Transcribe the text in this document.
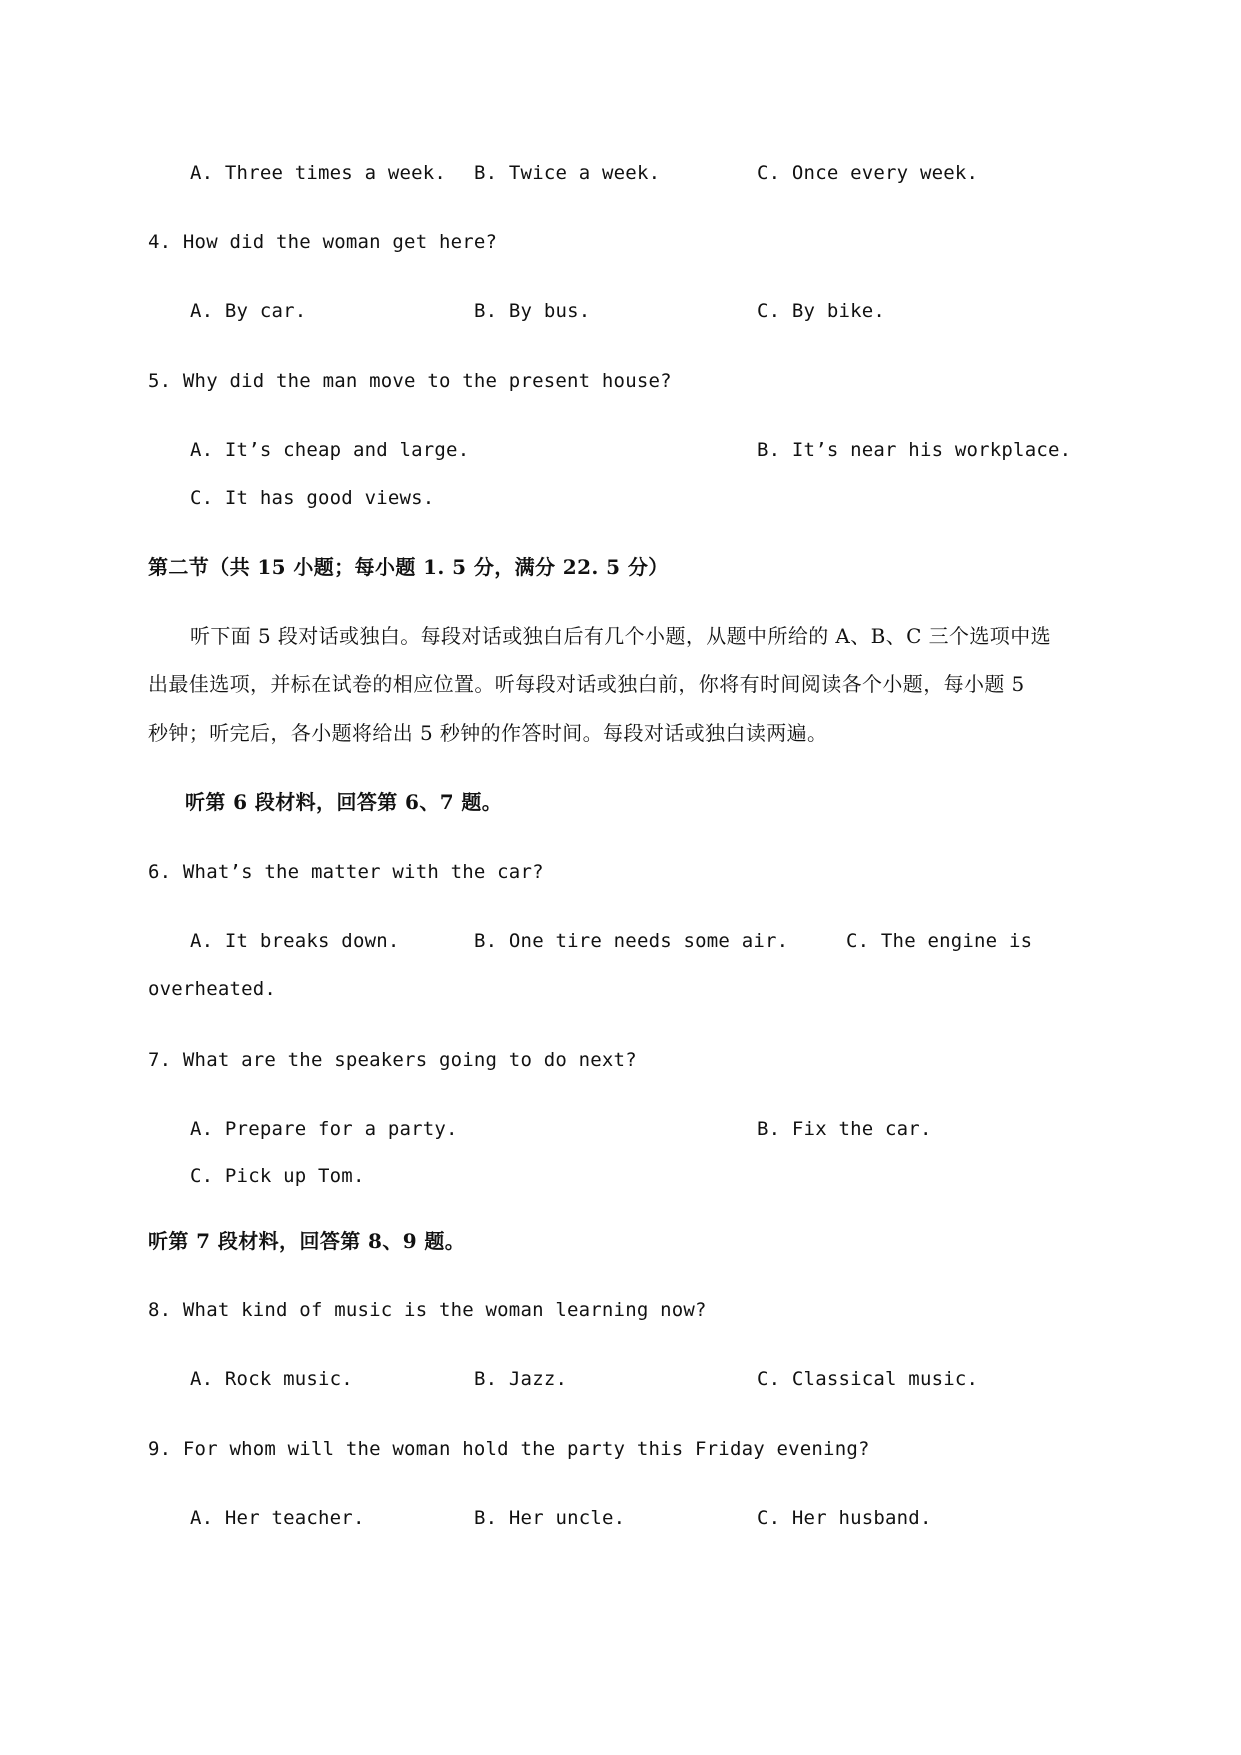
A. Three times a week. B. Twice a week.	C. Once every week.
4. How did the woman get here?
A. By car.	B. By bus.	C. By bike.
5. Why did the man move to the present house?
A. It’s cheap and large.	B. It’s near his workplace.
C. It has good views.
第二节（共 15 小题；每小题 1. 5 分，满分 22. 5 分）
听下面 5 段对话或独白。每段对话或独白后有几个小题，从题中所给的 A、B、C 三个选项中选
出最佳选项，并标在试卷的相应位置。听每段对话或独白前，你将有时间阅读各个小题，每小题 5
秒钟；听完后，各小题将给出 5 秒钟的作答时间。每段对话或独白读两遍。
听第 6 段材料，回答第 6、7 题。
6. What’s the matter with the car?
A. It breaks down.	B. One tire needs some air.	C. The engine is
overheated.
7. What are the speakers going to do next?
A. Prepare for a party.	B. Fix the car.
C. Pick up Tom.
听第 7 段材料，回答第 8、9 题。
8. What kind of music is the woman learning now?
A. Rock music.	B. Jazz.	C. Classical music.
9. For whom will the woman hold the party this Friday evening?
A. Her teacher.	B. Her uncle.	C. Her husband.
